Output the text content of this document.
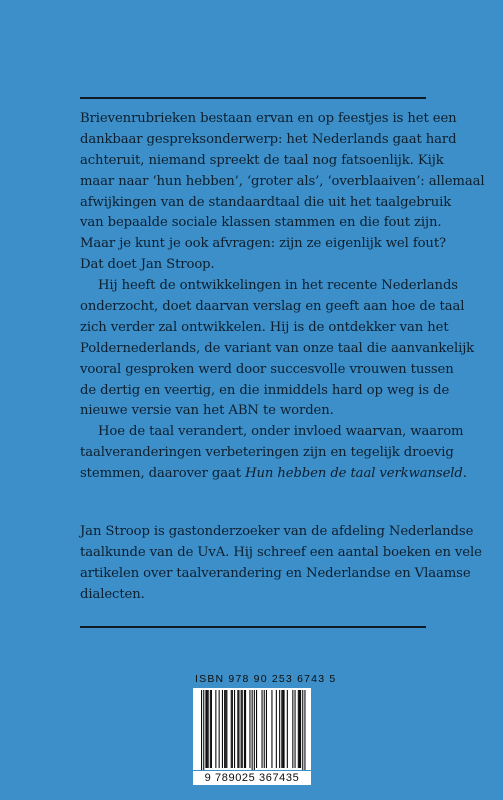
Brievenrubrieken bestaan ervan en op feestjes is het een
dankbaar gespreksonderwerp: het Nederlands gaat hard
achteruit, niemand spreekt de taal nog fatsoenlijk. Kijk
maar naar ‘hun hebben’, ‘groter als’, ‘overblaaiven’: allemaal
afwijkingen van de standaardtaal die uit het taalgebruik
van bepaalde sociale klassen stammen en die fout zijn.
Maar je kunt je ook afvragen: zijn ze eigenlijk wel fout?
Dat doet Jan Stroop.
Hij heeft de ontwikkelingen in het recente Nederlands
onderzocht, doet daarvan verslag en geeft aan hoe de taal
zich verder zal ontwikkelen. Hij is de ontdekker van het
Poldernederlands, de variant van onze taal die aanvankelijk
vooral gesproken werd door succesvolle vrouwen tussen
de dertig en veertig, en die inmiddels hard op weg is de
nieuwe versie van het ABN te worden.
Hoe de taal verandert, onder invloed waarvan, waarom
taalveranderingen verbeteringen zijn en tegelijk droevig
stemmen, daarover gaat Hun hebben de taal verkwanseld.
Jan Stroop is gastonderzoeker van de afdeling Nederlandse
taalkunde van de UvA. Hij schreef een aantal boeken en vele
artikelen over taalverandering en Nederlandse en Vlaamse
dialecten.
ISBN 978 90 253 6743 5
9 789025 367435
